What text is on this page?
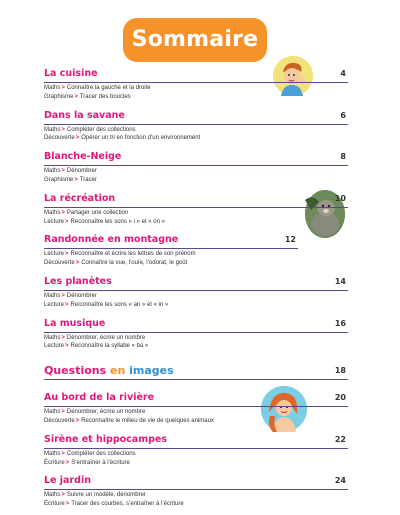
Sommaire
La cuisine	4
Maths> Connaître la gauche et la droite
Graphisme> Tracer des boucles
Dans la savane	6
Maths> Compléter des collections
Découverte> Opérer un tri en fonction d’un environnement
Blanche-Neige	8
Maths> Dénombrer
Graphisme> Tracer
La récréation	10
Maths> Partager une collection
Lecture> Reconnaître les sons « i » et « on »
Randonnée en montagne	12
Lecture> Reconnaître et écrire les lettres de son prénom
Découverte> Connaître la vue, l’ouïe, l’odorat, le goût
Les planètes	14
Maths> Dénombrer
Lecture> Reconnaître les sons « an » et « in »
La musique	16
Maths> Dénombrer, écrire un nombre
Lecture> Reconnaître la syllabe « ba »
Questions en images	18
Au bord de la rivière	20
Maths> Dénombrer, écrire un nombre
Découverte> Reconnaître le milieu de vie de quelques animaux
Sirène et hippocampes	22
Maths> Compléter des collections
Écriture> S’entraîner à l’écriture
Le jardin	24
Maths> Suivre un modèle, dénombrer
Écriture> Tracer des courbes, s’entraîner à l’écriture
